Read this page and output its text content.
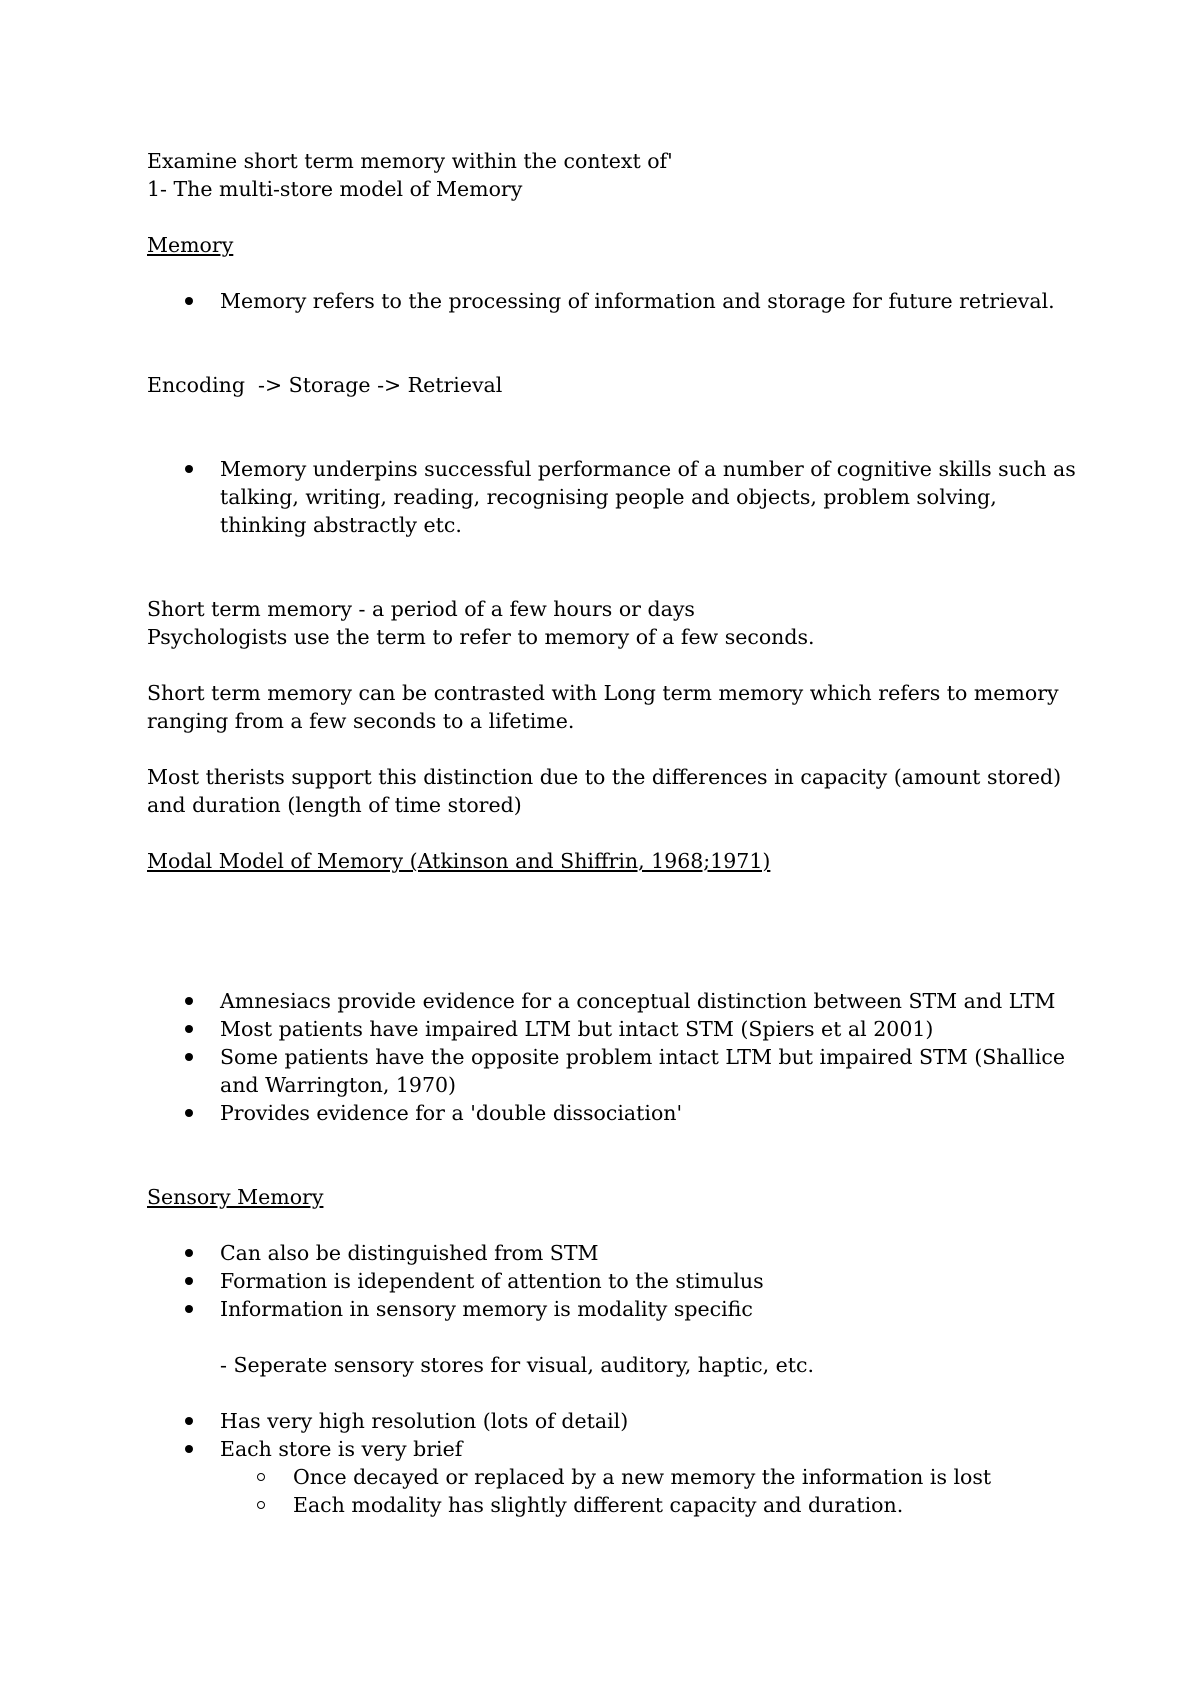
Examine short term memory within the context of'

1- The multi-store model of Memory

Memory

Memory refers to the processing of information and storage for future retrieval.

Encoding  -> Storage -> Retrieval

Memory underpins successful performance of a number of cognitive skills such as talking, writing, reading, recognising people and objects, problem solving, thinking abstractly etc.

Short term memory - a period of a few hours or days

Psychologists use the term to refer to memory of a few seconds.

Short term memory can be contrasted with Long term memory which refers to memory ranging from a few seconds to a lifetime.

Most therists support this distinction due to the differences in capacity (amount stored) and duration (length of time stored)

Modal Model of Memory (Atkinson and Shiffrin, 1968;1971)

Amnesiacs provide evidence for a conceptual distinction between STM and LTM
Most patients have impaired LTM but intact STM (Spiers et al 2001)
Some patients have the opposite problem intact LTM but impaired STM (Shallice and Warrington, 1970)
Provides evidence for a 'double dissociation'

Sensory Memory

Can also be distinguished from STM
Formation is idependent of attention to the stimulus
Information in sensory memory is modality specific

- Seperate sensory stores for visual, auditory, haptic, etc.

Has very high resolution (lots of detail)
Each store is very brief
Once decayed or replaced by a new memory the information is lost
Each modality has slightly different capacity and duration.
